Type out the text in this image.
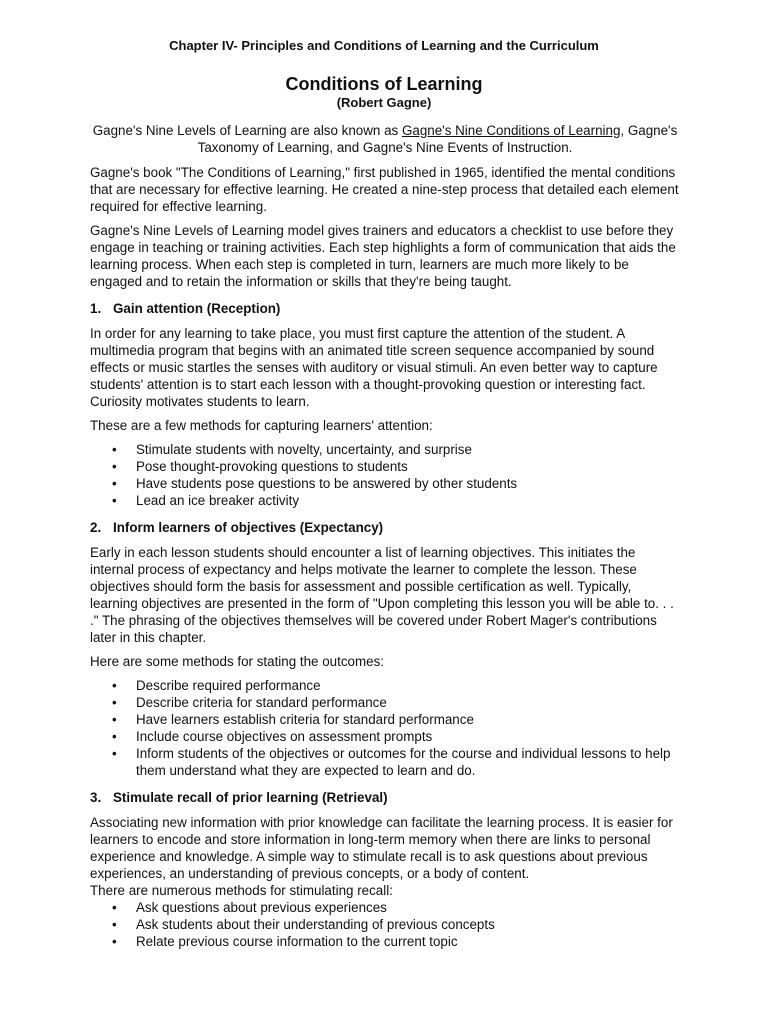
Chapter IV- Principles and Conditions of Learning and the Curriculum
Conditions of Learning
(Robert Gagne)

Gagne's Nine Levels of Learning are also known as Gagne's Nine Conditions of Learning, Gagne's Taxonomy of Learning, and Gagne's Nine Events of Instruction.

Gagne's book "The Conditions of Learning," first published in 1965, identified the mental conditions that are necessary for effective learning. He created a nine-step process that detailed each element required for effective learning.

Gagne's Nine Levels of Learning model gives trainers and educators a checklist to use before they engage in teaching or training activities. Each step highlights a form of communication that aids the learning process. When each step is completed in turn, learners are much more likely to be engaged and to retain the information or skills that they're being taught.

1. Gain attention (Reception)

In order for any learning to take place, you must first capture the attention of the student. A multimedia program that begins with an animated title screen sequence accompanied by sound effects or music startles the senses with auditory or visual stimuli. An even better way to capture students' attention is to start each lesson with a thought-provoking question or interesting fact. Curiosity motivates students to learn.

These are a few methods for capturing learners' attention:

• Stimulate students with novelty, uncertainty, and surprise
• Pose thought-provoking questions to students
• Have students pose questions to be answered by other students
• Lead an ice breaker activity
2. Inform learners of objectives (Expectancy)

Early in each lesson students should encounter a list of learning objectives. This initiates the internal process of expectancy and helps motivate the learner to complete the lesson. These objectives should form the basis for assessment and possible certification as well. Typically, learning objectives are presented in the form of "Upon completing this lesson you will be able to. . . ." The phrasing of the objectives themselves will be covered under Robert Mager's contributions later in this chapter.

Here are some methods for stating the outcomes:

• Describe required performance
• Describe criteria for standard performance
• Have learners establish criteria for standard performance
• Include course objectives on assessment prompts
• Inform students of the objectives or outcomes for the course and individual lessons to help them understand what they are expected to learn and do.
3. Stimulate recall of prior learning (Retrieval)

Associating new information with prior knowledge can facilitate the learning process. It is easier for learners to encode and store information in long-term memory when there are links to personal experience and knowledge. A simple way to stimulate recall is to ask questions about previous experiences, an understanding of previous concepts, or a body of content.

There are numerous methods for stimulating recall:

• Ask questions about previous experiences
• Ask students about their understanding of previous concepts
• Relate previous course information to the current topic
